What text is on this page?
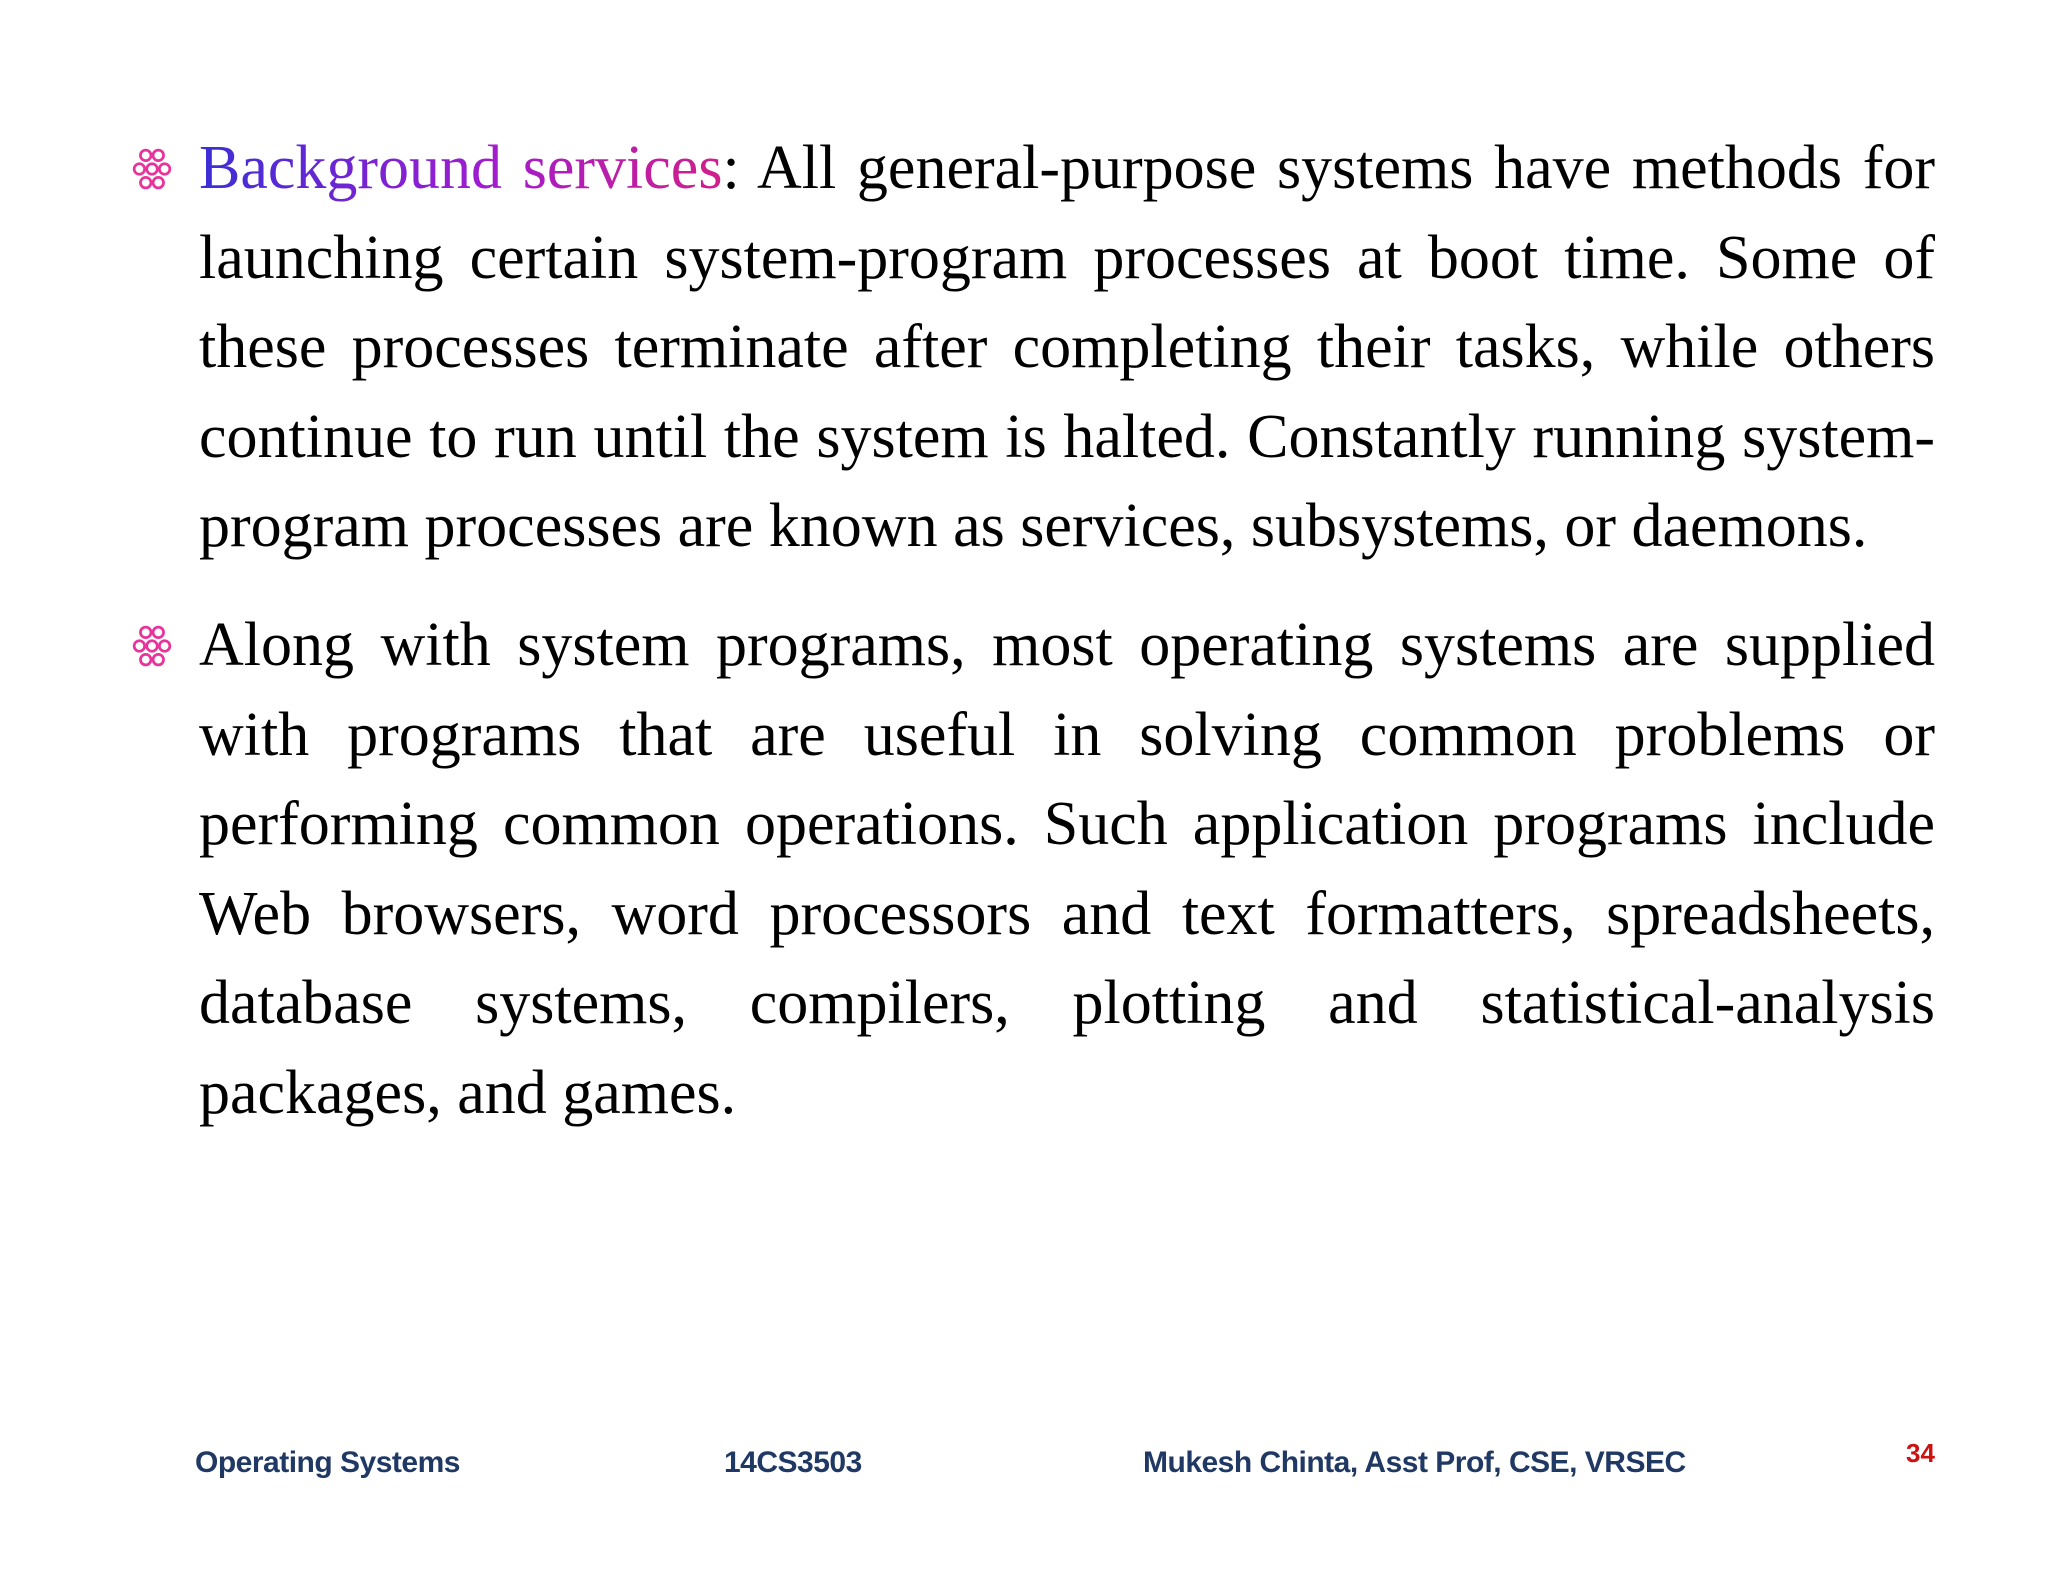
Background services: All general-purpose systems have methods for launching certain system-program processes at boot time. Some of these processes terminate after completing their tasks, while others continue to run until the system is halted. Constantly running system-program processes are known as services, subsystems, or daemons.
Along with system programs, most operating systems are supplied with programs that are useful in solving common problems or performing common operations. Such application programs include Web browsers, word processors and text formatters, spreadsheets, database systems, compilers, plotting and statistical-analysis packages, and games.
Operating Systems	14CS3503	Mukesh Chinta, Asst Prof, CSE, VRSEC	34
